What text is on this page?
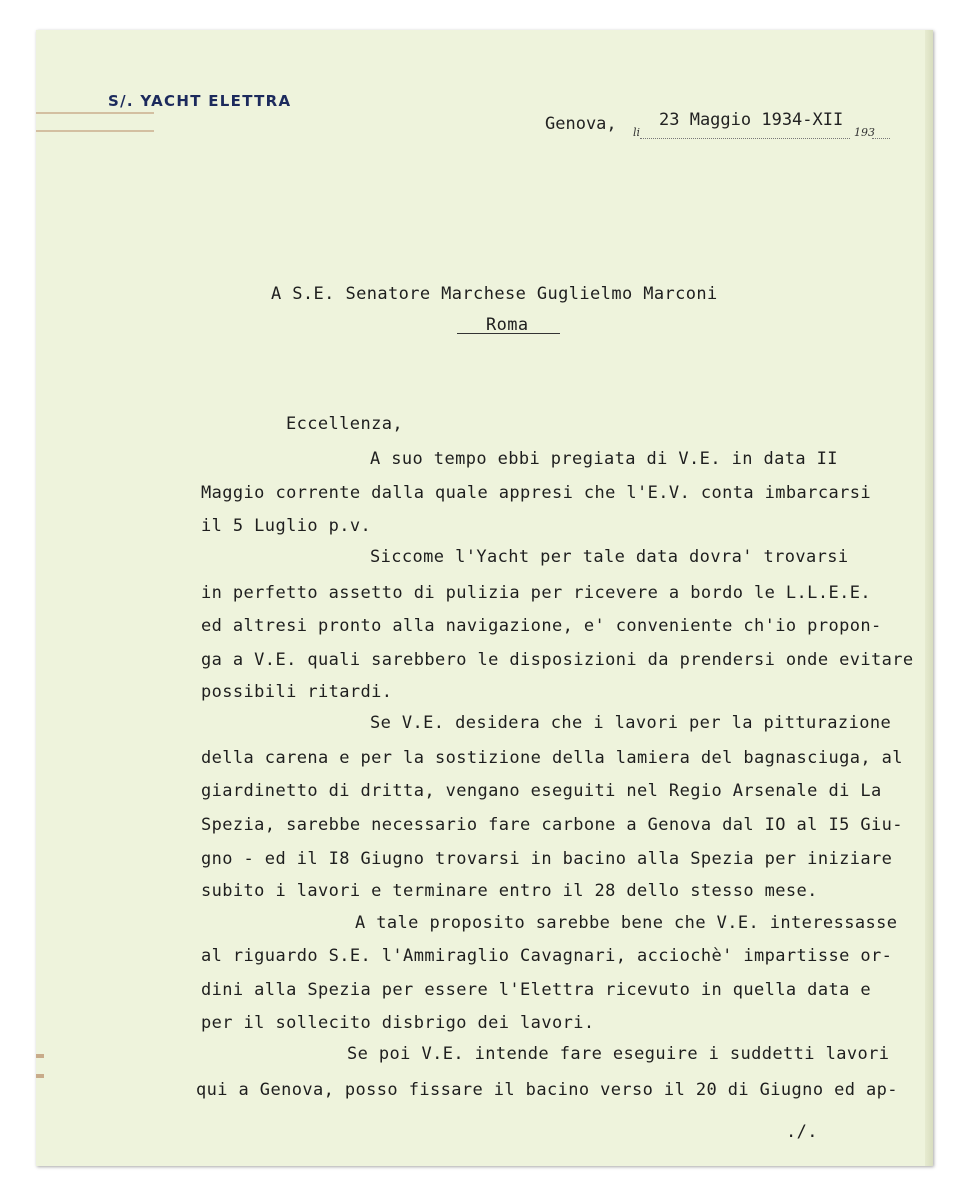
S/. YACHT ELETTRA
Genova, li
23 Maggio 1934-XII
193
A S.E. Senatore Marchese Guglielmo Marconi
Roma
Eccellenza,
A suo tempo ebbi pregiata di V.E. in data II
Maggio corrente dalla quale appresi che l'E.V. conta imbarcarsi
il 5 Luglio p.v.
Siccome l'Yacht per tale data dovra' trovarsi
in perfetto assetto di pulizia per ricevere a bordo le L.L.E.E.
ed altresi pronto alla navigazione, e' conveniente ch'io propon-
ga a V.E. quali sarebbero le disposizioni da prendersi onde evitare
possibili ritardi.
Se V.E. desidera che i lavori per la pitturazione
della carena e per la sostizione della lamiera del bagnasciuga, al
giardinetto di dritta, vengano eseguiti nel Regio Arsenale di La
Spezia, sarebbe necessario fare carbone a Genova dal IO al I5 Giu-
gno - ed il I8 Giugno trovarsi in bacino alla Spezia per iniziare
subito i lavori e terminare entro il 28 dello stesso mese.
A tale proposito sarebbe bene che V.E. interessasse
al riguardo S.E. l'Ammiraglio Cavagnari, acciochè' impartisse or-
dini alla Spezia per essere l'Elettra ricevuto in quella data e
per il sollecito disbrigo dei lavori.
Se poi V.E. intende fare eseguire i suddetti lavori
qui a Genova, posso fissare il bacino verso il 20 di Giugno ed ap-
./.
